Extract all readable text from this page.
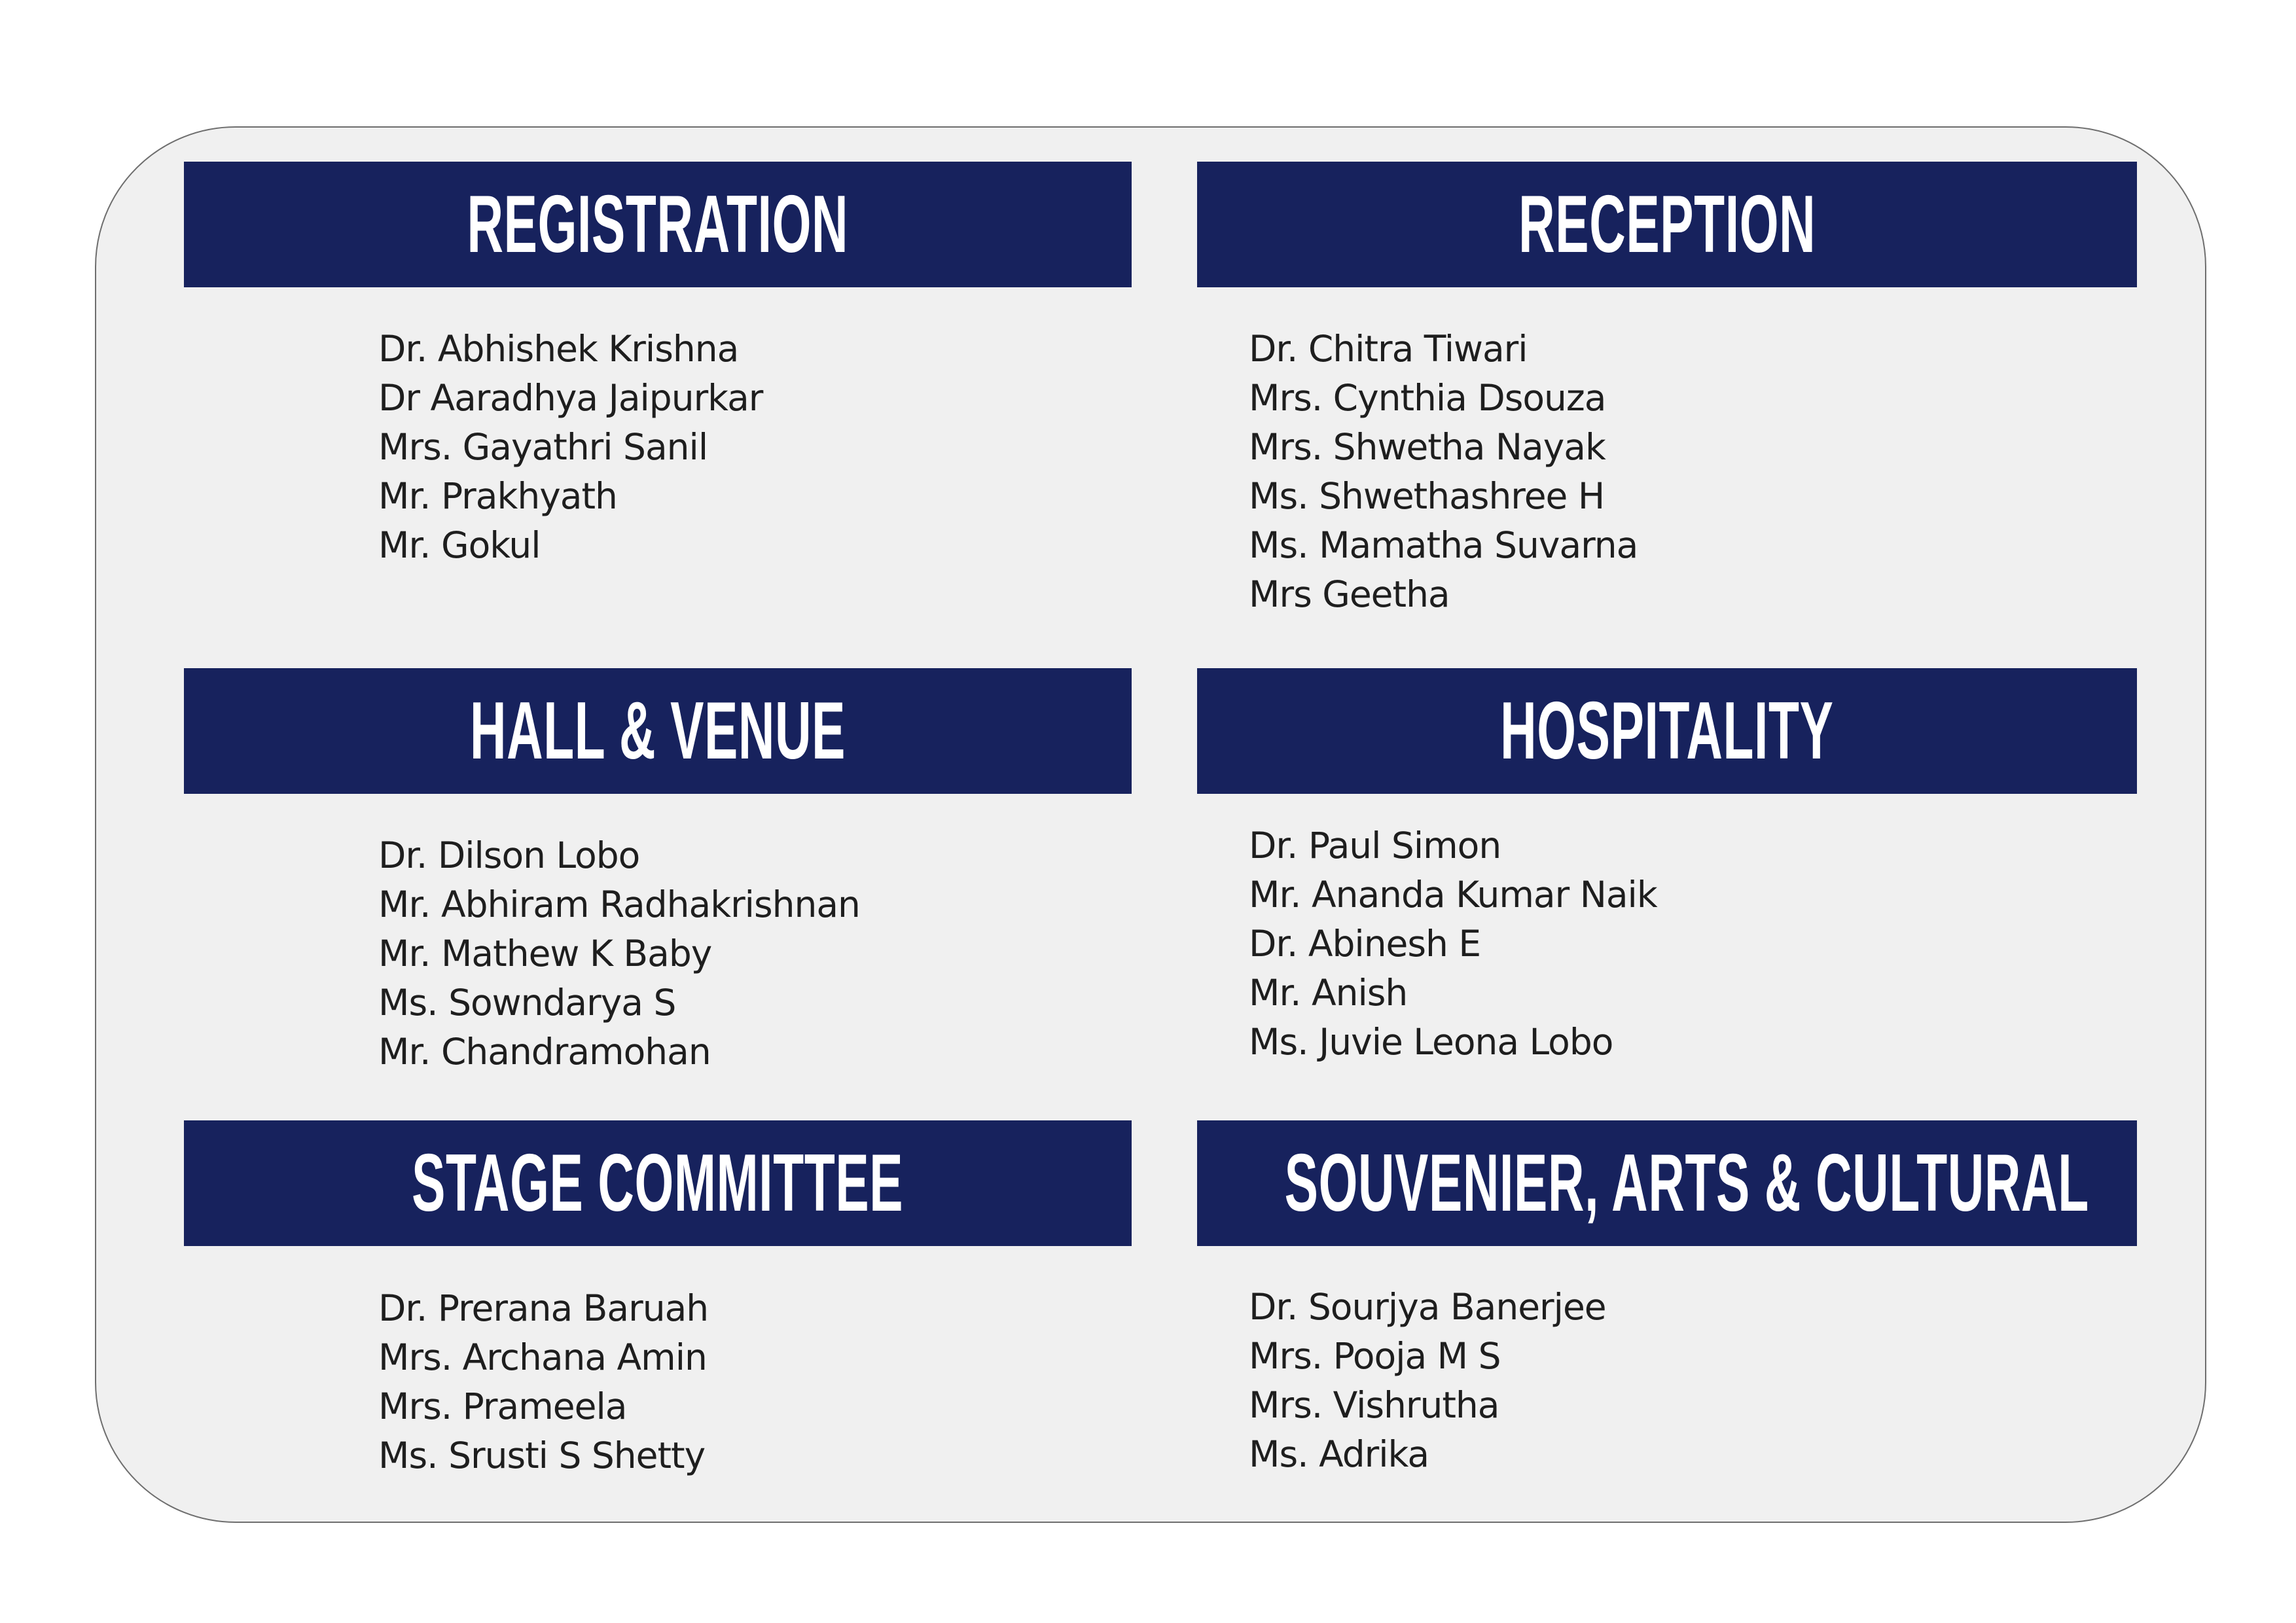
REGISTRATION
Dr. Abhishek Krishna
Dr Aaradhya Jaipurkar
Mrs. Gayathri Sanil
Mr. Prakhyath
Mr. Gokul
RECEPTION
Dr. Chitra Tiwari
Mrs. Cynthia Dsouza
Mrs. Shwetha Nayak
Ms. Shwethashree H
Ms. Mamatha Suvarna
Mrs Geetha
HALL & VENUE
Dr. Dilson Lobo
Mr. Abhiram Radhakrishnan
Mr. Mathew K Baby
Ms. Sowndarya S
Mr. Chandramohan
HOSPITALITY
Dr. Paul Simon
Mr. Ananda Kumar Naik
Dr. Abinesh E
Mr. Anish
Ms. Juvie Leona Lobo
STAGE COMMITTEE
Dr. Prerana Baruah
Mrs. Archana Amin
Mrs. Prameela
Ms. Srusti S Shetty
SOUVENIER, ARTS & CULTURAL
Dr. Sourjya Banerjee
Mrs. Pooja M S
Mrs. Vishrutha
Ms. Adrika
